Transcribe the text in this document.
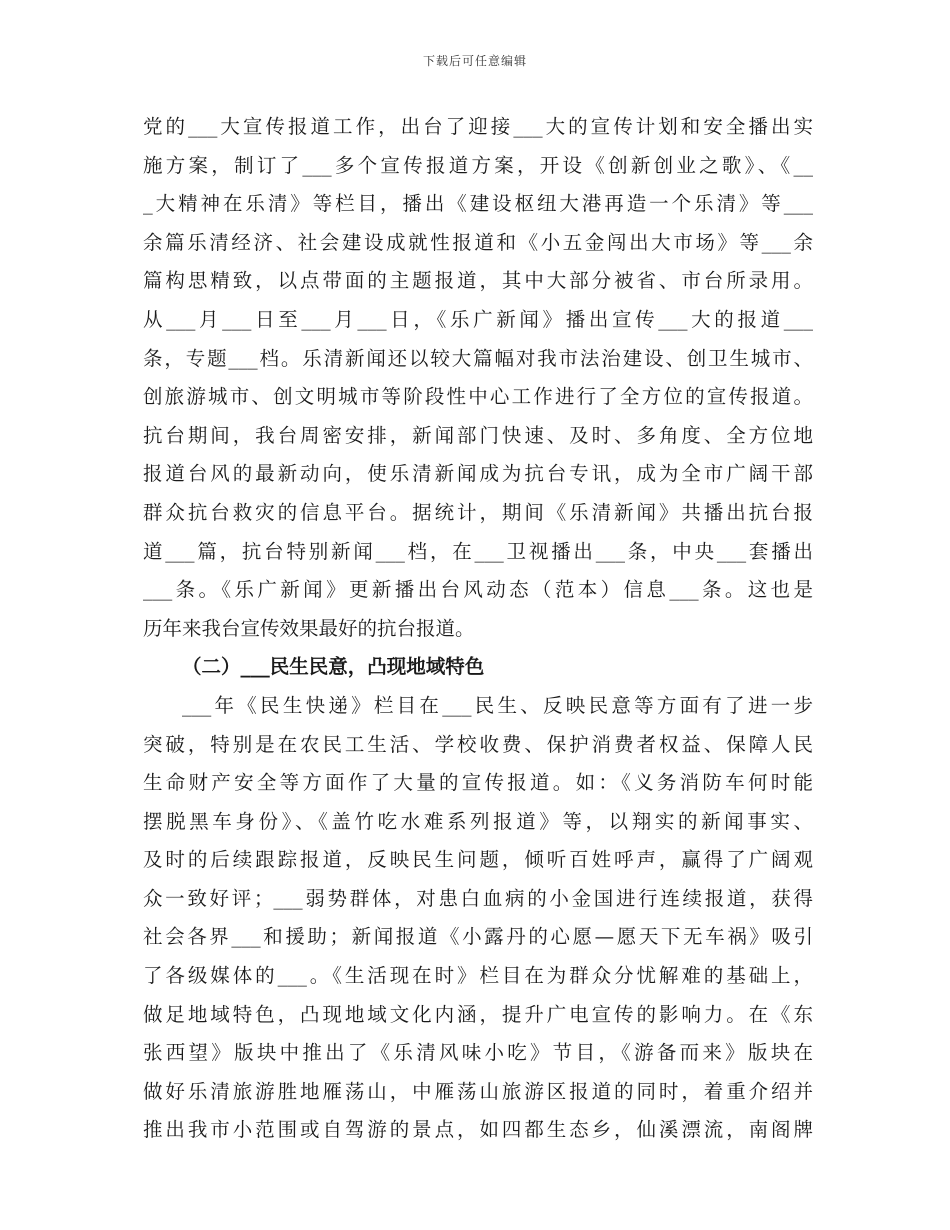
下载后可任意编辑
党的___大宣传报道工作，出台了迎接___大的宣传计划和安全播出实
施方案，制订了___多个宣传报道方案，开设《创新创业之歌》、《__
_大精神在乐清》等栏目，播出《建设枢纽大港再造一个乐清》等___
余篇乐清经济、社会建设成就性报道和《小五金闯出大市场》等___余
篇构思精致，以点带面的主题报道，其中大部分被省、市台所录用。
从___月___日至___月___日，《乐广新闻》播出宣传___大的报道___
条，专题___档。乐清新闻还以较大篇幅对我市法治建设、创卫生城市、
创旅游城市、创文明城市等阶段性中心工作进行了全方位的宣传报道。
抗台期间，我台周密安排，新闻部门快速、及时、多角度、全方位地
报道台风的最新动向，使乐清新闻成为抗台专讯，成为全市广阔干部
群众抗台救灾的信息平台。据统计，期间《乐清新闻》共播出抗台报
道___篇，抗台特别新闻___档，在___卫视播出___条，中央___套播出
___条。《乐广新闻》更新播出台风动态（范本）信息___条。这也是
历年来我台宣传效果最好的抗台报道。
（二）___民生民意，凸现地域特色
___年《民生快递》栏目在___民生、反映民意等方面有了进一步
突破，特别是在农民工生活、学校收费、保护消费者权益、保障人民
生命财产安全等方面作了大量的宣传报道。如：《义务消防车何时能
摆脱黑车身份》、《盖竹吃水难系列报道》等，以翔实的新闻事实、
及时的后续跟踪报道，反映民生问题，倾听百姓呼声，赢得了广阔观
众一致好评；___弱势群体，对患白血病的小金国进行连续报道，获得
社会各界___和援助；新闻报道《小露丹的心愿—愿天下无车祸》吸引
了各级媒体的___。《生活现在时》栏目在为群众分忧解难的基础上，
做足地域特色，凸现地域文化内涵，提升广电宣传的影响力。在《东
张西望》版块中推出了《乐清风味小吃》节目，《游备而来》版块在
做好乐清旅游胜地雁荡山，中雁荡山旅游区报道的同时，着重介绍并
推出我市小范围或自驾游的景点，如四都生态乡，仙溪漂流，南阁牌
